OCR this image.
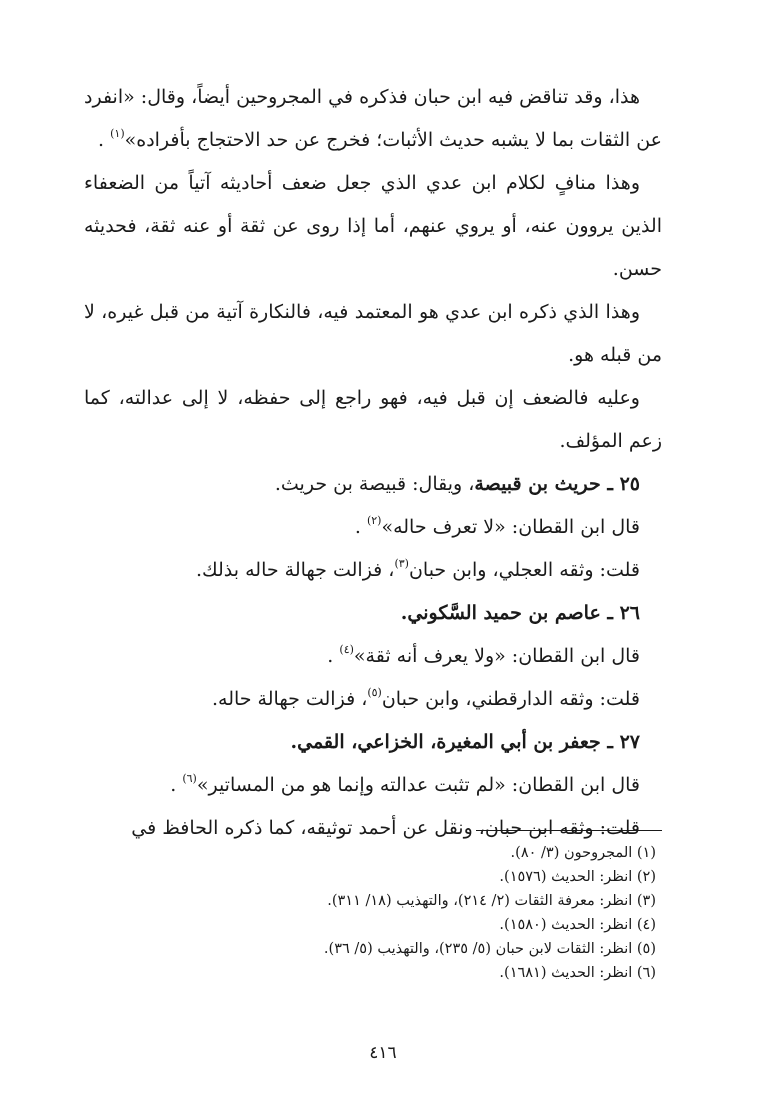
هذا، وقد تناقض فيه ابن حبان فذكره في المجروحين أيضاً، وقال: «انفرد عن الثقات بما لا يشبه حديث الأثبات؛ فخرج عن حد الاحتجاج بأفراده»$^{(١)}$ .

وهذا منافٍ لكلام ابن عدي الذي جعل ضعف أحاديثه آتياً من الضعفاء الذين يروون عنه، أو يروي عنهم، أما إذا روى عن ثقة أو عنه ثقة، فحديثه حسن.

وهذا الذي ذكره ابن عدي هو المعتمد فيه، فالنكارة آتية من قبل غيره، لا من قبله هو.

وعليه فالضعف إن قبل فيه، فهو راجع إلى حفظه، لا إلى عدالته، كما زعم المؤلف.

٢٥ ـ حريث بن قبيصة، ويقال: قبيصة بن حريث.

قال ابن القطان: «لا تعرف حاله»$^{(٢)}$ .

قلت: وثقه العجلي، وابن حبان$^{(٣)}$، فزالت جهالة حاله بذلك.

٢٦ ـ عاصم بن حميد السَّكوني.

قال ابن القطان: «ولا يعرف أنه ثقة»$^{(٤)}$ .

قلت: وثقه الدارقطني، وابن حبان$^{(٥)}$، فزالت جهالة حاله.

٢٧ ـ جعفر بن أبي المغيرة، الخزاعي، القمي.

قال ابن القطان: «لم تثبت عدالته وإنما هو من المساتير»$^{(٦)}$ .

قلت: وثقه ابن حبان، ونقل عن أحمد توثيقه، كما ذكره الحافظ في

(١) المجروحون (٣/ ٨٠).
(٢) انظر: الحديث (١٥٧٦).
(٣) انظر: معرفة الثقات (٢/ ٢١٤)، والتهذيب (١٨/ ٣١١).
(٤) انظر: الحديث (١٥٨٠).
(٥) انظر: الثقات لابن حبان (٥/ ٢٣٥)، والتهذيب (٥/ ٣٦).
(٦) انظر: الحديث (١٦٨١).
٤١٦
